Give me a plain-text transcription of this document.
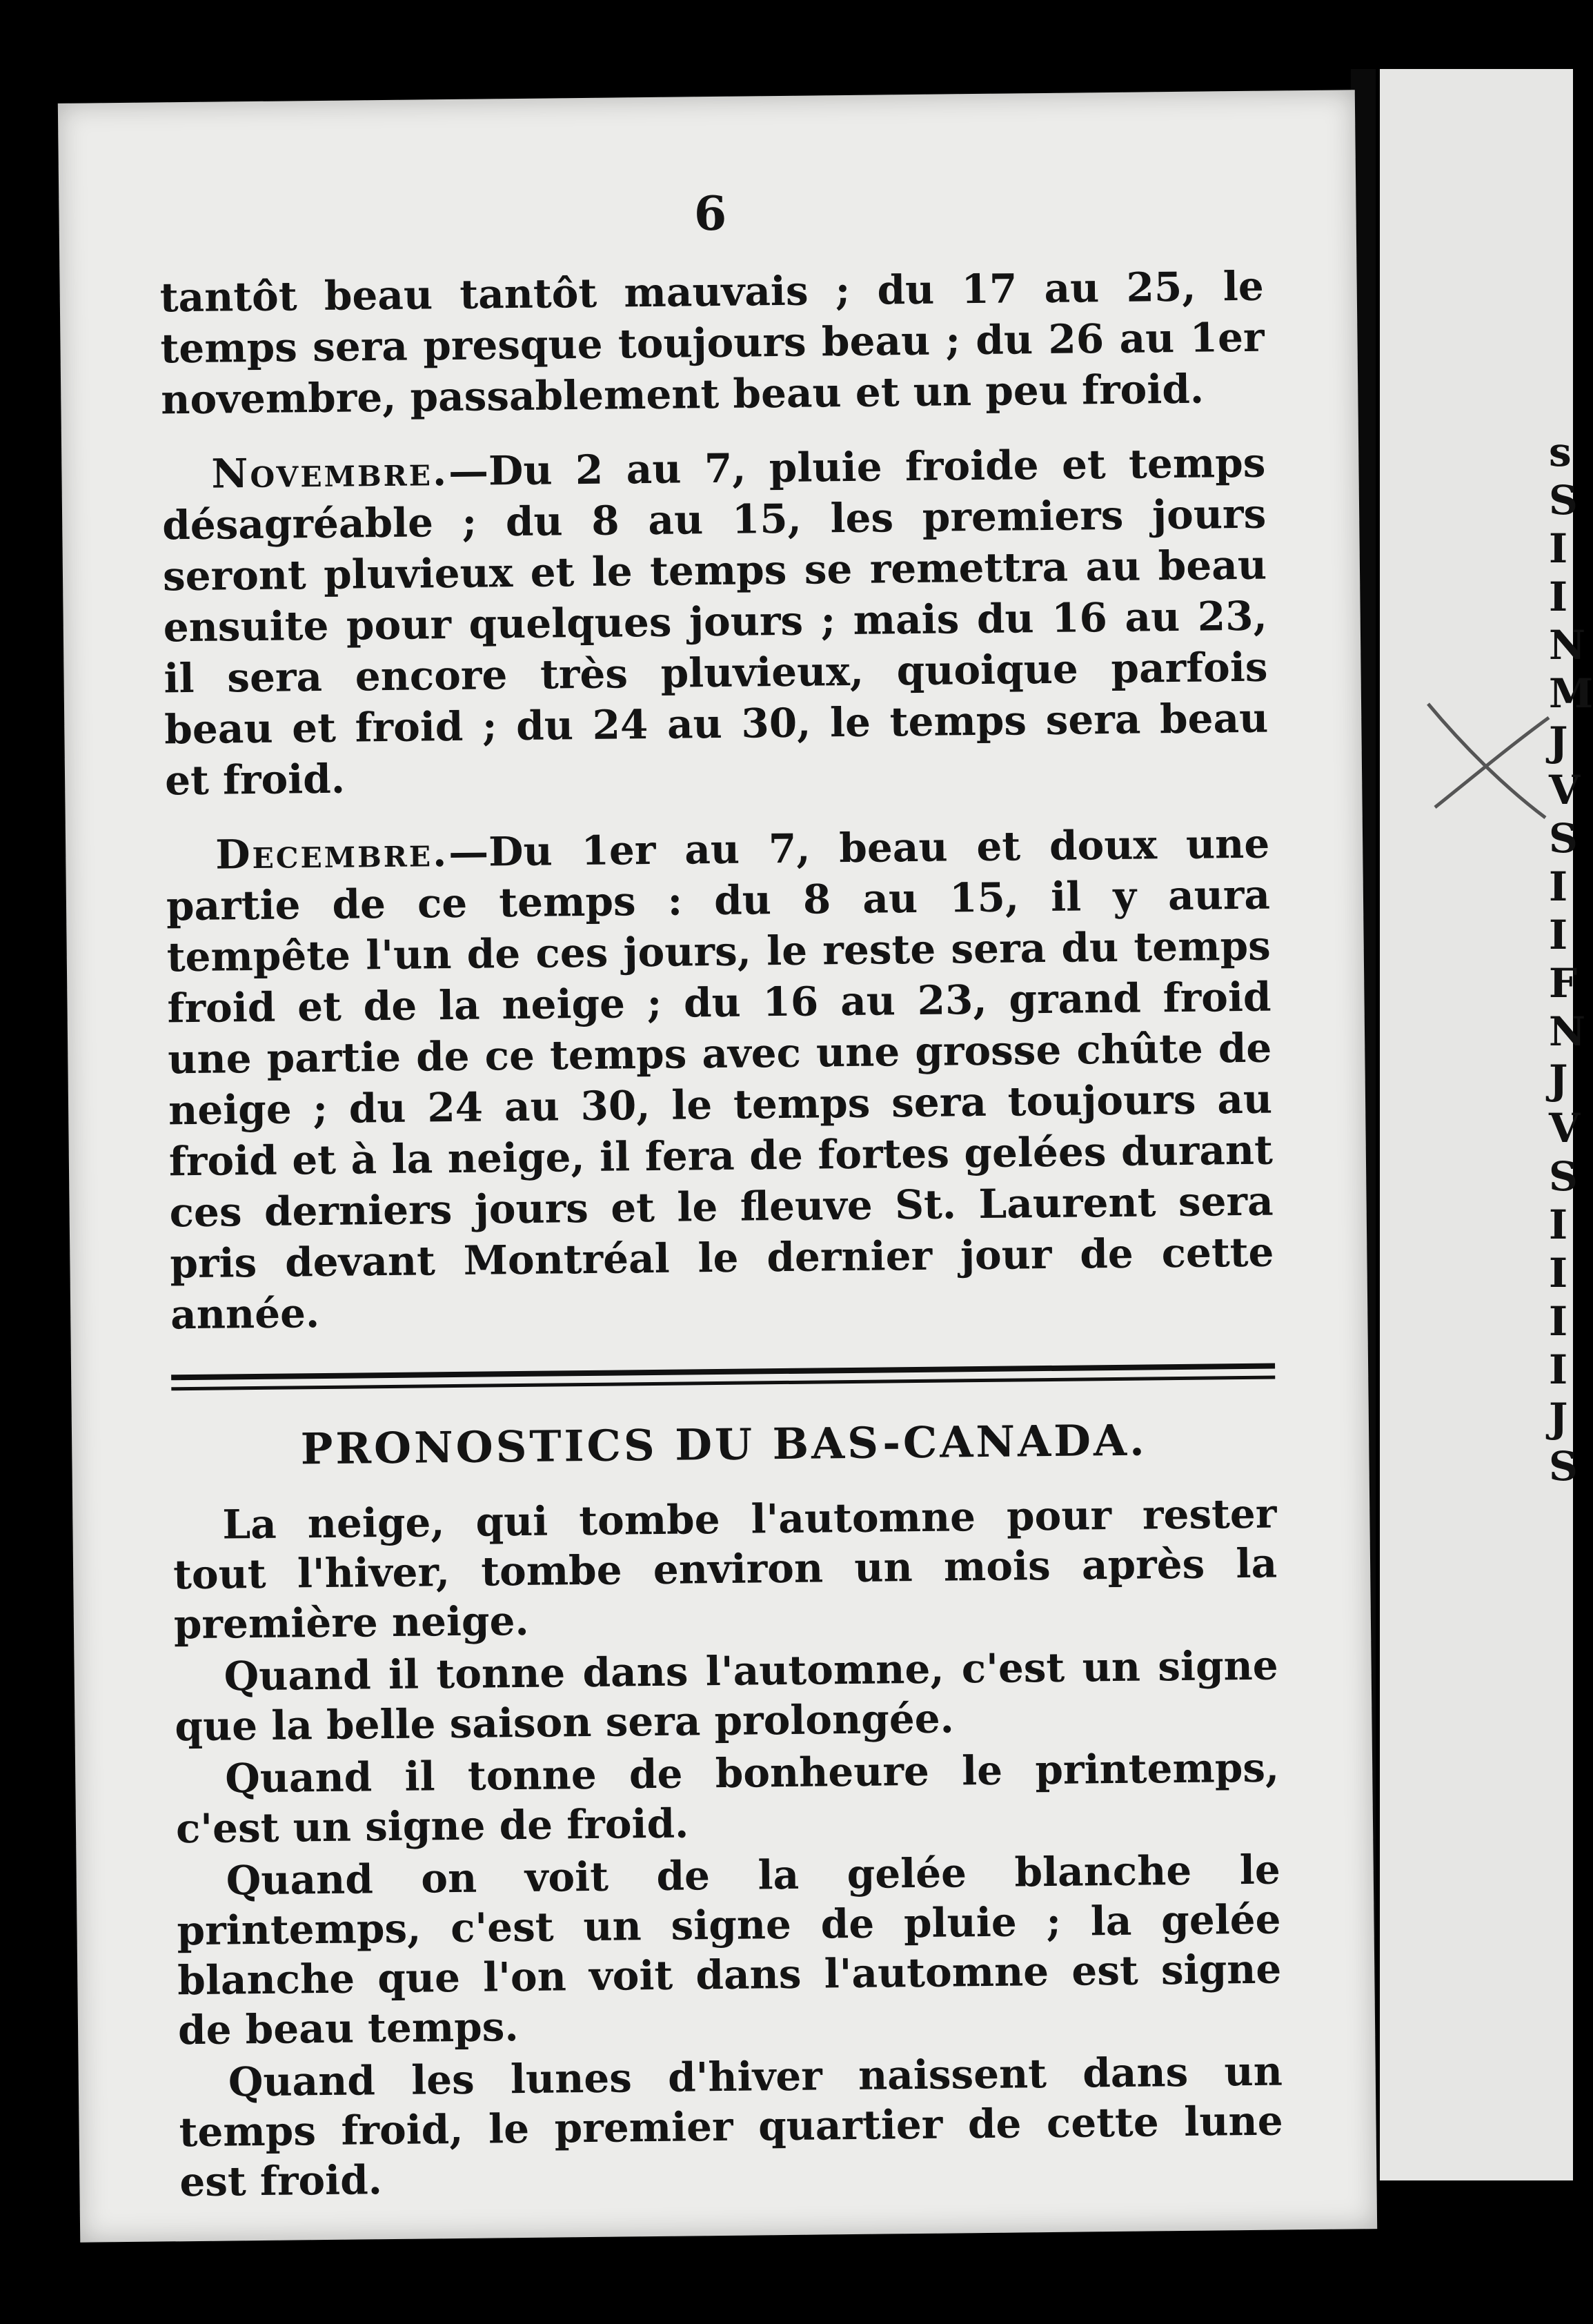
s
S
I
I
N
M
J
V
S
I
I
F
N
J
V
S
I
I
I
I
J
S
6

tantôt beau tantôt mauvais ; du 17 au 25, le temps sera presque toujours beau ; du 26 au 1er novembre, passablement beau et un peu froid.

Novembre.—Du 2 au 7, pluie froide et temps désagréable ; du 8 au 15, les premiers jours seront pluvieux et le temps se remettra au beau ensuite pour quelques jours ; mais du 16 au 23, il sera encore très pluvieux, quoique parfois beau et froid ; du 24 au 30, le temps sera beau et froid.

Decembre.—Du 1er au 7, beau et doux une partie de ce temps : du 8 au 15, il y aura tempête l'un de ces jours, le reste sera du temps froid et de la neige ; du 16 au 23, grand froid une partie de ce temps avec une grosse chûte de neige ; du 24 au 30, le temps sera toujours au froid et à la neige, il fera de fortes gelées durant ces derniers jours et le fleuve St. Laurent sera pris devant Montréal le dernier jour de cette année.

PRONOSTICS DU BAS-CANADA.

La neige, qui tombe l'automne pour rester tout l'hiver, tombe environ un mois après la première neige.

Quand il tonne dans l'automne, c'est un signe que la belle saison sera prolongée.

Quand il tonne de bonheure le printemps, c'est un signe de froid.

Quand on voit de la gelée blanche le printemps, c'est un signe de pluie ; la gelée blanche que l'on voit dans l'automne est signe de beau temps.

Quand les lunes d'hiver naissent dans un temps froid, le premier quartier de cette lune est froid.
